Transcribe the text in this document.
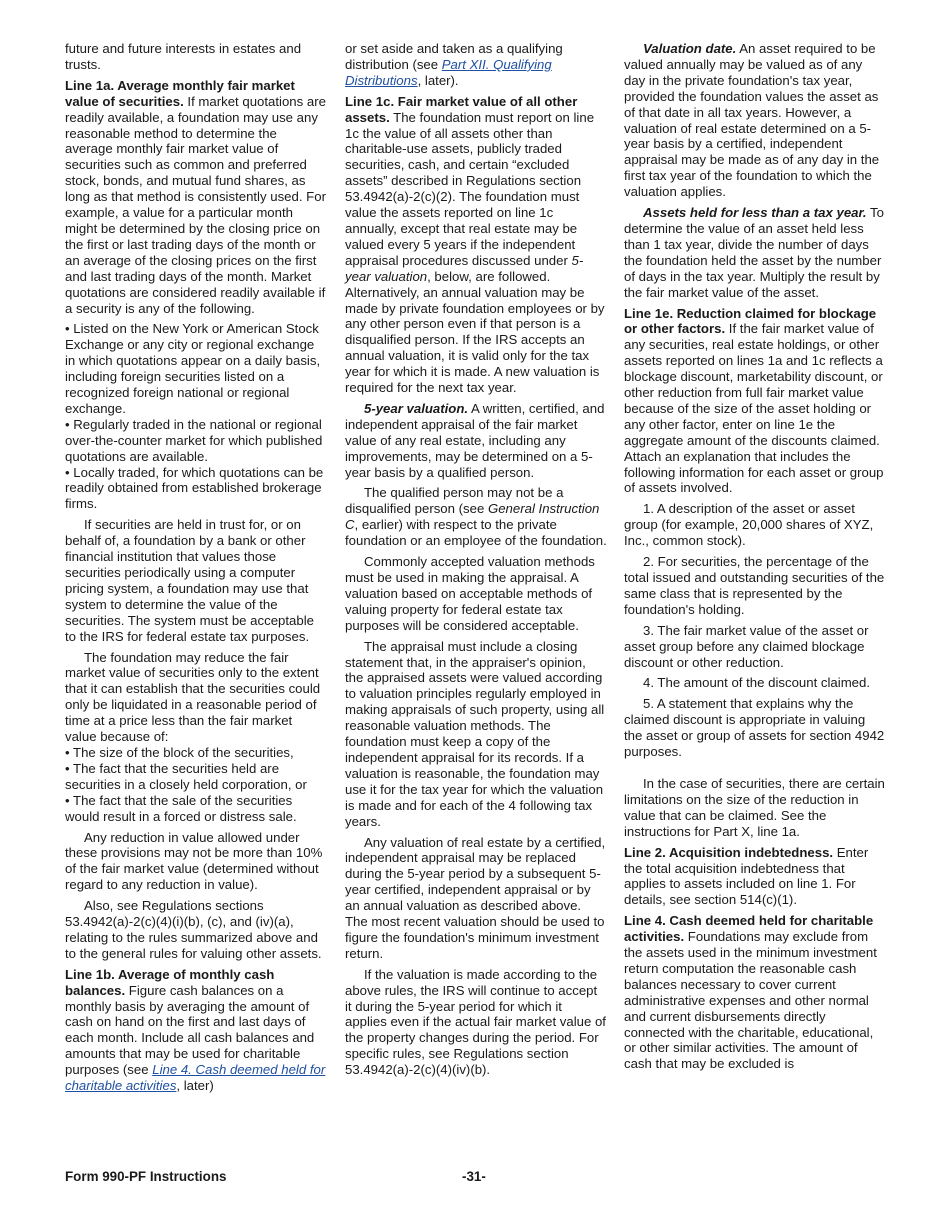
future and future interests in estates and trusts.

Line 1a. Average monthly fair market value of securities. If market quotations are readily available, a foundation may use any reasonable method to determine the average monthly fair market value of securities such as common and preferred stock, bonds, and mutual fund shares, as long as that method is consistently used. For example, a value for a particular month might be determined by the closing price on the first or last trading days of the month or an average of the closing prices on the first and last trading days of the month. Market quotations are considered readily available if a security is any of the following.

• Listed on the New York or American Stock Exchange or any city or regional exchange in which quotations appear on a daily basis, including foreign securities listed on a recognized foreign national or regional exchange.
• Regularly traded in the national or regional over-the-counter market for which published quotations are available.
• Locally traded, for which quotations can be readily obtained from established brokerage firms.

If securities are held in trust for, or on behalf of, a foundation by a bank or other financial institution that values those securities periodically using a computer pricing system, a foundation may use that system to determine the value of the securities. The system must be acceptable to the IRS for federal estate tax purposes.

The foundation may reduce the fair market value of securities only to the extent that it can establish that the securities could only be liquidated in a reasonable period of time at a price less than the fair market value because of:

• The size of the block of the securities,
• The fact that the securities held are securities in a closely held corporation, or
• The fact that the sale of the securities would result in a forced or distress sale.

Any reduction in value allowed under these provisions may not be more than 10% of the fair market value (determined without regard to any reduction in value).

Also, see Regulations sections 53.4942(a)-2(c)(4)(i)(b), (c), and (iv)(a), relating to the rules summarized above and to the general rules for valuing other assets.

Line 1b. Average of monthly cash balances. Figure cash balances on a monthly basis by averaging the amount of cash on hand on the first and last days of each month. Include all cash balances and amounts that may be used for charitable purposes (see Line 4. Cash deemed held for charitable activities, later)

or set aside and taken as a qualifying distribution (see Part XII. Qualifying Distributions, later).

Line 1c. Fair market value of all other assets. The foundation must report on line 1c the value of all assets other than charitable-use assets, publicly traded securities, cash, and certain “excluded assets” described in Regulations section 53.4942(a)-2(c)(2). The foundation must value the assets reported on line 1c annually, except that real estate may be valued every 5 years if the independent appraisal procedures discussed under 5-year valuation, below, are followed. Alternatively, an annual valuation may be made by private foundation employees or by any other person even if that person is a disqualified person. If the IRS accepts an annual valuation, it is valid only for the tax year for which it is made. A new valuation is required for the next tax year.

5-year valuation. A written, certified, and independent appraisal of the fair market value of any real estate, including any improvements, may be determined on a 5-year basis by a qualified person.

The qualified person may not be a disqualified person (see General Instruction C, earlier) with respect to the private foundation or an employee of the foundation.

Commonly accepted valuation methods must be used in making the appraisal. A valuation based on acceptable methods of valuing property for federal estate tax purposes will be considered acceptable.

The appraisal must include a closing statement that, in the appraiser's opinion, the appraised assets were valued according to valuation principles regularly employed in making appraisals of such property, using all reasonable valuation methods. The foundation must keep a copy of the independent appraisal for its records. If a valuation is reasonable, the foundation may use it for the tax year for which the valuation is made and for each of the 4 following tax years.

Any valuation of real estate by a certified, independent appraisal may be replaced during the 5-year period by a subsequent 5-year certified, independent appraisal or by an annual valuation as described above. The most recent valuation should be used to figure the foundation's minimum investment return.

If the valuation is made according to the above rules, the IRS will continue to accept it during the 5-year period for which it applies even if the actual fair market value of the property changes during the period. For specific rules, see Regulations section 53.4942(a)-2(c)(4)(iv)(b).

Valuation date. An asset required to be valued annually may be valued as of any day in the private foundation's tax year, provided the foundation values the asset as of that date in all tax years. However, a valuation of real estate determined on a 5-year basis by a certified, independent appraisal may be made as of any day in the first tax year of the foundation to which the valuation applies.

Assets held for less than a tax year. To determine the value of an asset held less than 1 tax year, divide the number of days the foundation held the asset by the number of days in the tax year. Multiply the result by the fair market value of the asset.

Line 1e. Reduction claimed for blockage or other factors. If the fair market value of any securities, real estate holdings, or other assets reported on lines 1a and 1c reflects a blockage discount, marketability discount, or other reduction from full fair market value because of the size of the asset holding or any other factor, enter on line 1e the aggregate amount of the discounts claimed. Attach an explanation that includes the following information for each asset or group of assets involved.

1. A description of the asset or asset group (for example, 20,000 shares of XYZ, Inc., common stock).

2. For securities, the percentage of the total issued and outstanding securities of the same class that is represented by the foundation's holding.

3. The fair market value of the asset or asset group before any claimed blockage discount or other reduction.

4. The amount of the discount claimed.

5. A statement that explains why the claimed discount is appropriate in valuing the asset or group of assets for section 4942 purposes.

In the case of securities, there are certain limitations on the size of the reduction in value that can be claimed. See the instructions for Part X, line 1a.

Line 2. Acquisition indebtedness. Enter the total acquisition indebtedness that applies to assets included on line 1. For details, see section 514(c)(1).

Line 4. Cash deemed held for charitable activities. Foundations may exclude from the assets used in the minimum investment return computation the reasonable cash balances necessary to cover current administrative expenses and other normal and current disbursements directly connected with the charitable, educational, or other similar activities. The amount of cash that may be excluded is

Form 990-PF Instructions	-31-
